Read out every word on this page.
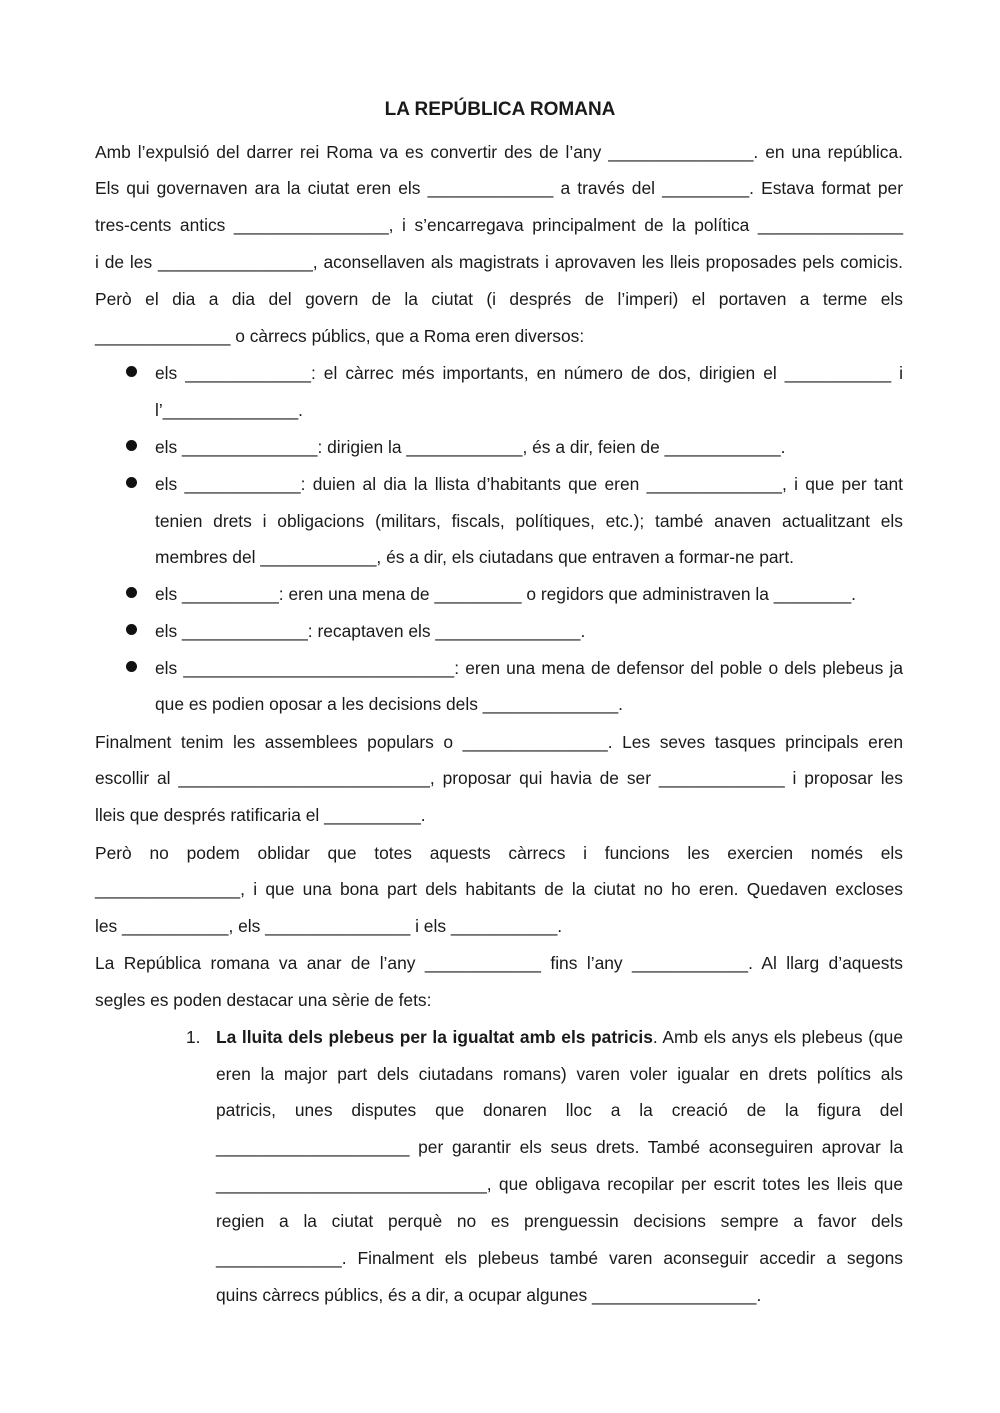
LA REPÚBLICA ROMANA
Amb l’expulsió del darrer rei Roma va es convertir des de l’any _______________. en una república.
Els qui governaven ara la ciutat eren els _____________ a través del _________. Estava format per
tres-cents antics ________________, i s’encarregava principalment de la política _______________
i de les ________________, aconsellaven als magistrats i aprovaven les lleis proposades pels comicis.
Però el dia a dia del govern de la ciutat (i després de l’imperi) el portaven a terme els
______________ o càrrecs públics, que a Roma eren diversos:
els _____________: el càrrec més importants, en número de dos, dirigien el ___________ i
l’______________.
els ______________: dirigien la ____________, és a dir, feien de ____________.
els ____________: duien al dia la llista d’habitants que eren ______________, i que per tant
tenien drets i obligacions (militars, fiscals, polítiques, etc.); també anaven actualitzant els
membres del ____________, és a dir, els ciutadans que entraven a formar-ne part.
els __________: eren una mena de _________ o regidors que administraven la ________.
els _____________: recaptaven els _______________.
els ____________________________: eren una mena de defensor del poble o dels plebeus ja
que es podien oposar a les decisions dels ______________.
Finalment tenim les assemblees populars o _______________. Les seves tasques principals eren
escollir al __________________________, proposar qui havia de ser _____________ i proposar les
lleis que després ratificaria el __________.
Però no podem oblidar que totes aquests càrrecs i funcions les exercien només els
_______________, i que una bona part dels habitants de la ciutat no ho eren. Quedaven excloses
les ___________, els _______________ i els ___________.
La República romana va anar de l’any ____________ fins l’any ____________. Al llarg d’aquests
segles es poden destacar una sèrie de fets:
1. La lluita dels plebeus per la igualtat amb els patricis. Amb els anys els plebeus (que
eren la major part dels ciutadans romans) varen voler igualar en drets polítics als
patricis, unes disputes que donaren lloc a la creació de la figura del
____________________ per garantir els seus drets. També aconseguiren aprovar la
____________________________, que obligava recopilar per escrit totes les lleis que
regien a la ciutat perquè no es prenguessin decisions sempre a favor dels
_____________. Finalment els plebeus també varen aconseguir accedir a segons
quins càrrecs públics, és a dir, a ocupar algunes _________________.
